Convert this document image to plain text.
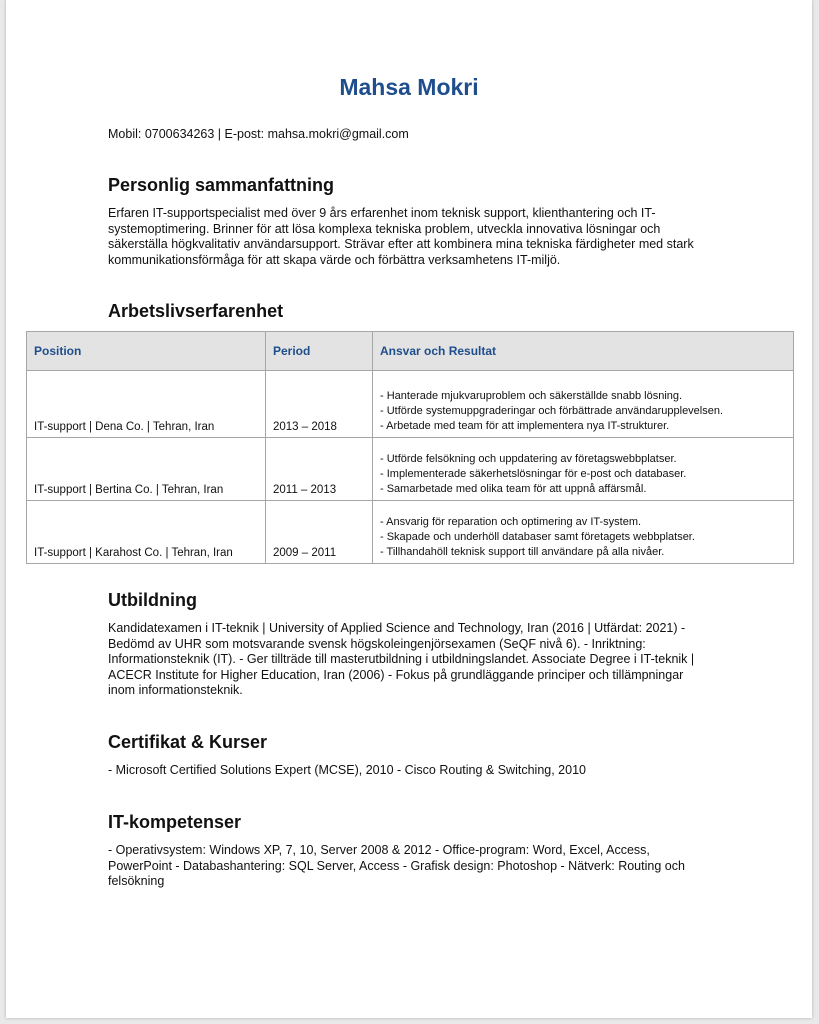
Mahsa Mokri
Mobil: 0700634263 | E-post: mahsa.mokri@gmail.com
Personlig sammanfattning

Erfaren IT-supportspecialist med över 9 års erfarenhet inom teknisk support, klienthantering och IT-systemoptimering. Brinner för att lösa komplexa tekniska problem, utveckla innovativa lösningar och säkerställa högkvalitativ användarsupport. Strävar efter att kombinera mina tekniska färdigheter med stark kommunikationsförmåga för att skapa värde och förbättra verksamhetens IT-miljö.

Arbetslivserfarenhet
Position	Period	Ansvar och Resultat
IT-support | Dena Co. | Tehran, Iran	2013 – 2018	- Hanterade mjukvaruproblem och säkerställde snabb lösning.
- Utförde systemuppgraderingar och förbättrade användarupplevelsen.
- Arbetade med team för att implementera nya IT-strukturer.

IT-support | Bertina Co. | Tehran, Iran	2011 – 2013	- Utförde felsökning och uppdatering av företagswebbplatser.
- Implementerade säkerhetslösningar för e-post och databaser.
- Samarbetade med olika team för att uppnå affärsmål.

IT-support | Karahost Co. | Tehran, Iran	2009 – 2011	- Ansvarig för reparation och optimering av IT-system.
- Skapade och underhöll databaser samt företagets webbplatser.
- Tillhandahöll teknisk support till användare på alla nivåer.
Utbildning

Kandidatexamen i IT-teknik | University of Applied Science and Technology, Iran (2016 | Utfärdat: 2021) - Bedömd av UHR som motsvarande svensk högskoleingenjörsexamen (SeQF nivå 6). - Inriktning: Informationsteknik (IT). - Ger tillträde till masterutbildning i utbildningslandet. Associate Degree i IT-teknik | ACECR Institute for Higher Education, Iran (2006) - Fokus på grundläggande principer och tillämpningar inom informationsteknik.

Certifikat & Kurser

- Microsoft Certified Solutions Expert (MCSE), 2010 - Cisco Routing & Switching, 2010

IT-kompetenser

- Operativsystem: Windows XP, 7, 10, Server 2008 & 2012 - Office-program: Word, Excel, Access, PowerPoint - Databashantering: SQL Server, Access - Grafisk design: Photoshop - Nätverk: Routing och felsökning
